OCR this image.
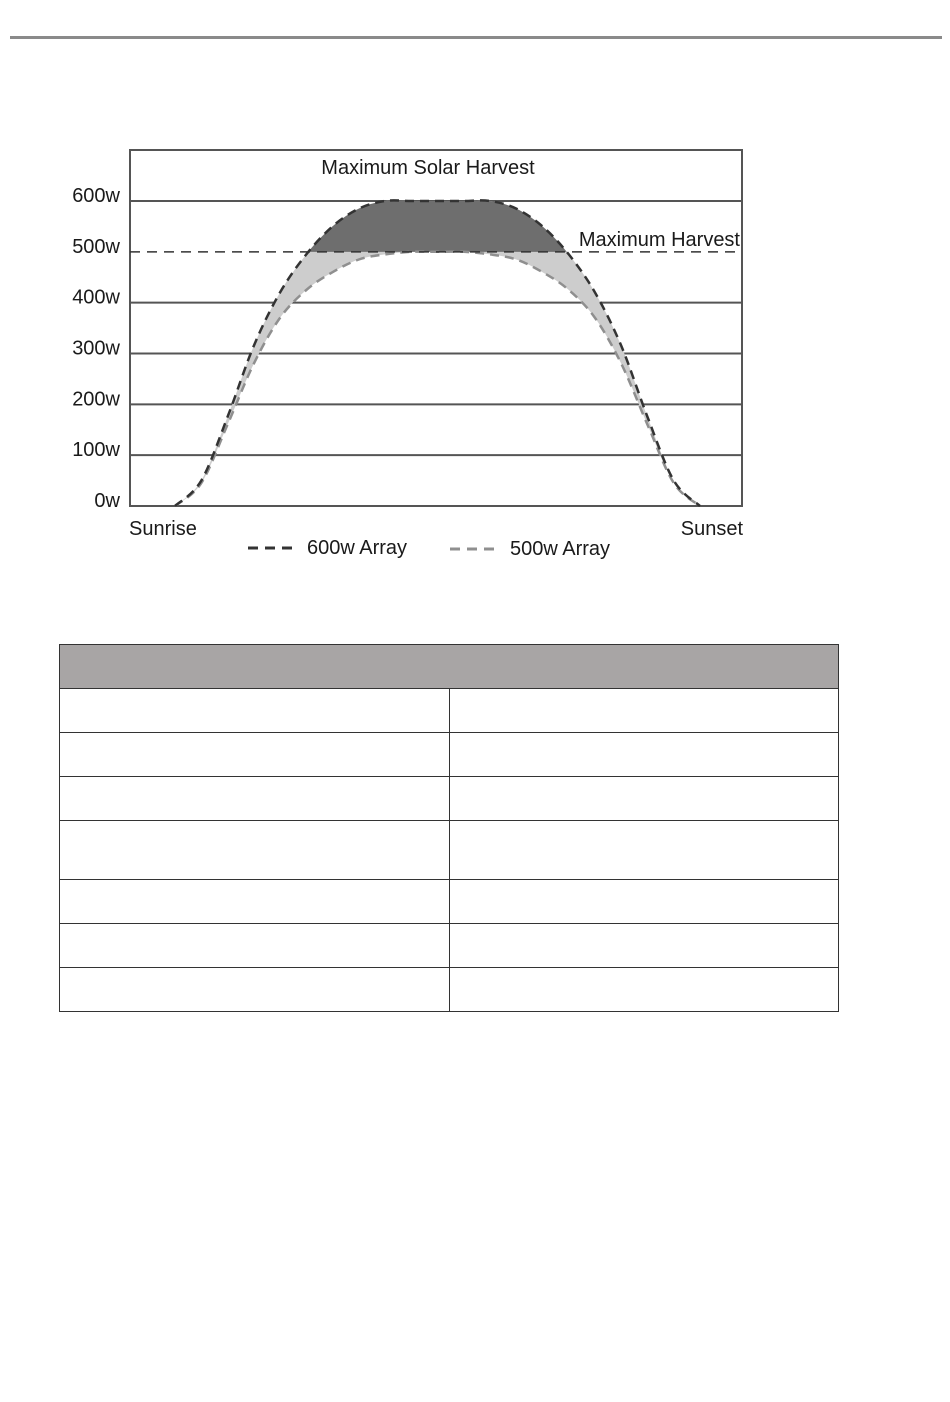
0w
100w
200w
300w
400w
500w
600w
Maximum Harvest
Maximum Solar Harvest
Sunrise	Sunset
600w Array	500w Array
